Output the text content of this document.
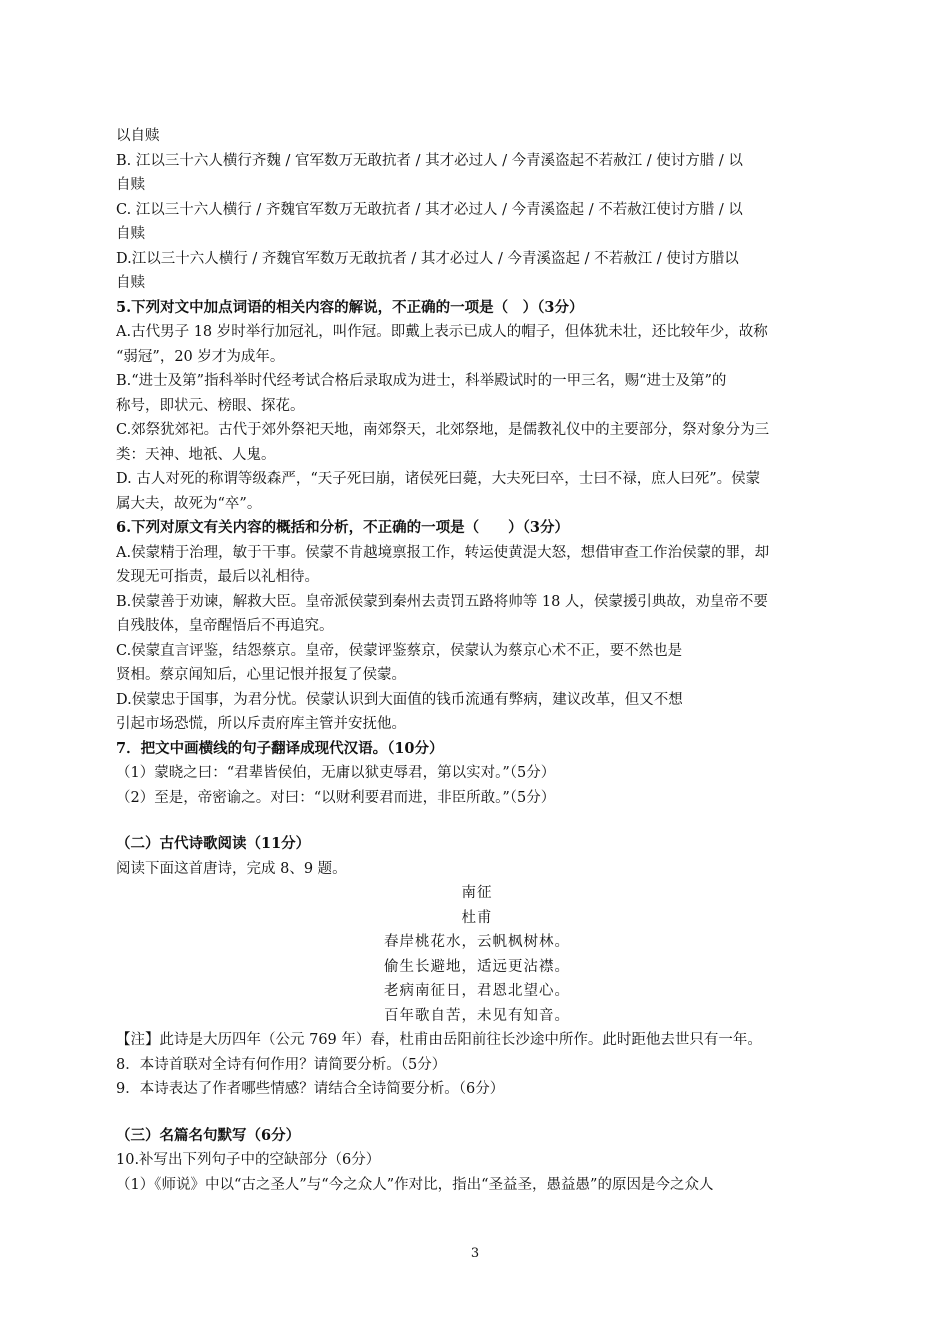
以自赎
B. 江以三十六人横行齐魏 / 官军数万无敢抗者 / 其才必过人 / 今青溪盗起不若赦江 / 使讨方腊 / 以
自赎
C. 江以三十六人横行 / 齐魏官军数万无敢抗者 / 其才必过人 / 今青溪盗起 / 不若赦江使讨方腊 / 以
自赎
D.江以三十六人横行 / 齐魏官军数万无敢抗者 / 其才必过人 / 今青溪盗起 / 不若赦江 / 使讨方腊以
自赎
5.下列对文中加点词语的相关内容的解说，不正确的一项是（　）（3分）
A.古代男子 18 岁时举行加冠礼，叫作冠。即戴上表示已成人的帽子，但体犹未壮，还比较年少，故称
“弱冠”，20 岁才为成年。
B.“进士及第”指科举时代经考试合格后录取成为进士，科举殿试时的一甲三名，赐“进士及第”的
称号，即状元、榜眼、探花。
C.郊祭犹郊祀。古代于郊外祭祀天地，南郊祭天，北郊祭地，是儒教礼仪中的主要部分，祭对象分为三
类：天神、地祇、人鬼。
D. 古人对死的称谓等级森严，“天子死曰崩，诸侯死曰薨，大夫死曰卒，士曰不禄，庶人曰死”。侯蒙
属大夫，故死为“卒”。
6.下列对原文有关内容的概括和分析，不正确的一项是（　　）（3分）
A.侯蒙精于治理，敏于干事。侯蒙不肯越境禀报工作，转运使黄湜大怒，想借审查工作治侯蒙的罪，却
发现无可指责，最后以礼相待。
B.侯蒙善于劝谏，解救大臣。皇帝派侯蒙到秦州去责罚五路将帅等 18 人，侯蒙援引典故，劝皇帝不要
自残肢体，皇帝醒悟后不再追究。
C.侯蒙直言评鉴，结怨蔡京。皇帝，侯蒙评鉴蔡京，侯蒙认为蔡京心术不正，要不然也是
贤相。蔡京闻知后，心里记恨并报复了侯蒙。
D.侯蒙忠于国事，为君分忧。侯蒙认识到大面值的钱币流通有弊病，建议改革，但又不想
引起市场恐慌，所以斥责府库主管并安抚他。
7．把文中画横线的句子翻译成现代汉语。（10分）
（1）蒙晓之曰：“君辈皆侯伯，无庸以狱吏辱君，第以实对。”（5分）
（2）至是，帝密谕之。对曰：“以财利要君而进，非臣所敢。”（5分）
（二）古代诗歌阅读（11分）
阅读下面这首唐诗，完成 8、9 题。
南征
杜甫
春岸桃花水，云帆枫树林。
偷生长避地，适远更沾襟。
老病南征日，君恩北望心。
百年歌自苦，未见有知音。
【注】此诗是大历四年（公元 769 年）春，杜甫由岳阳前往长沙途中所作。此时距他去世只有一年。
8．本诗首联对全诗有何作用？请简要分析。（5分）
9．本诗表达了作者哪些情感？请结合全诗简要分析。（6分）
（三）名篇名句默写（6分）
10.补写出下列句子中的空缺部分（6分）
（1）《师说》中以“古之圣人”与“今之众人”作对比，指出“圣益圣，愚益愚”的原因是今之众人
3
